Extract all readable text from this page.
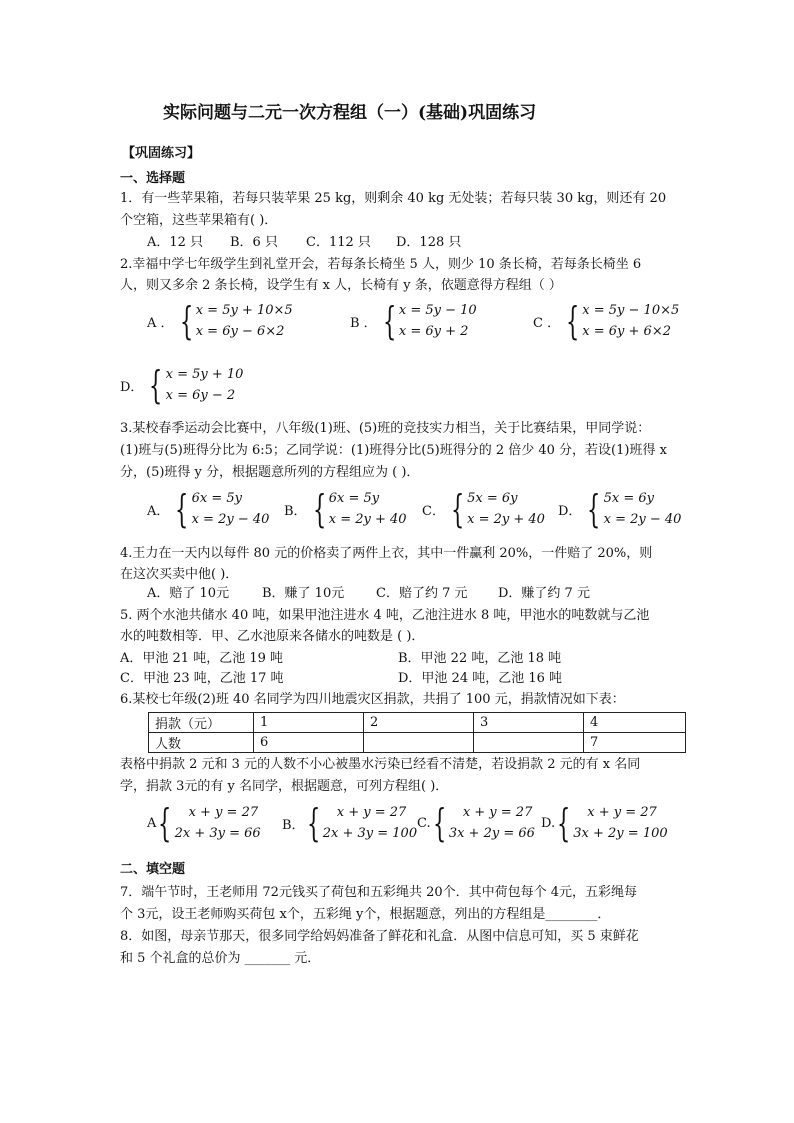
实际问题与二元一次方程组（一）(基础)巩固练习
【巩固练习】
一、选择题
1．有一些苹果箱，若每只装苹果 25 kg，则剩余 40 kg 无处装；若每只装 30 kg，则还有 20
个空箱，这些苹果箱有( )．
A．12 只 B．6 只 C．112 只 D．128 只
2.幸福中学七年级学生到礼堂开会，若每条长椅坐 5 人，则少 10 条长椅，若每条长椅坐 6
人，则又多余 2 条长椅，设学生有 x 人，长椅有 y 条，依题意得方程组（ ）
A ． { x = 5y + 10×5
x = 6y − 6×2
B ． { x = 5y − 10
x = 6y + 2
C ． { x = 5y − 10×5
x = 6y + 6×2
D． { x = 5y + 10
x = 6y − 2
3.某校春季运动会比赛中，八年级(1)班、(5)班的竞技实力相当，关于比赛结果，甲同学说：
(1)班与(5)班得分比为 6:5；乙同学说：(1)班得分比(5)班得分的 2 倍少 40 分，若设(1)班得 x
分，(5)班得 y 分，根据题意所列的方程组应为 ( )．
A． { 6x = 5y
x = 2y − 40
B． { 6x = 5y
x = 2y + 40
C． { 5x = 6y
x = 2y + 40
D． { 5x = 6y
x = 2y − 40
4.王力在一天内以每件 80 元的价格卖了两件上衣，其中一件赢利 20%，一件赔了 20%，则
在这次买卖中他( )．
A．赔了 10元	B．赚了 10元 C．赔了约 7 元 D．赚了约 7 元
5. 两个水池共储水 40 吨，如果甲池注进水 4 吨，乙池注进水 8 吨，甲池水的吨数就与乙池
水的吨数相等．甲、乙水池原来各储水的吨数是 ( )．
A．甲池 21 吨，乙池 19 吨	B．甲池 22 吨，乙池 18 吨
C．甲池 23 吨，乙池 17 吨	D．甲池 24 吨，乙池 16 吨
6.某校七年级(2)班 40 名同学为四川地震灾区捐款，共捐了 100 元，捐款情况如下表：
捐款（元）	1	2	3	4
人数	6			7
表格中捐款 2 元和 3 元的人数不小心被墨水污染已经看不清楚，若设捐款 2 元的有 x 名同
学，捐款 3元的有 y 名同学，根据题意，可列方程组( )．
A {	x + y = 27
2x + 3y = 66
B． {	x + y = 27
2x + 3y = 100
C. {	x + y = 27
3x + 2y = 66
D. {	x + y = 27
3x + 2y = 100
二、填空题
7．端午节时，王老师用 72元钱买了荷包和五彩绳共 20个．其中荷包每个 4元，五彩绳每
个 3元，设王老师购买荷包 x个，五彩绳 y个，根据题意，列出的方程组是________．
8．如图，母亲节那天，很多同学给妈妈准备了鲜花和礼盒．从图中信息可知，买 5 束鲜花
和 5 个礼盒的总价为 _______ 元．
